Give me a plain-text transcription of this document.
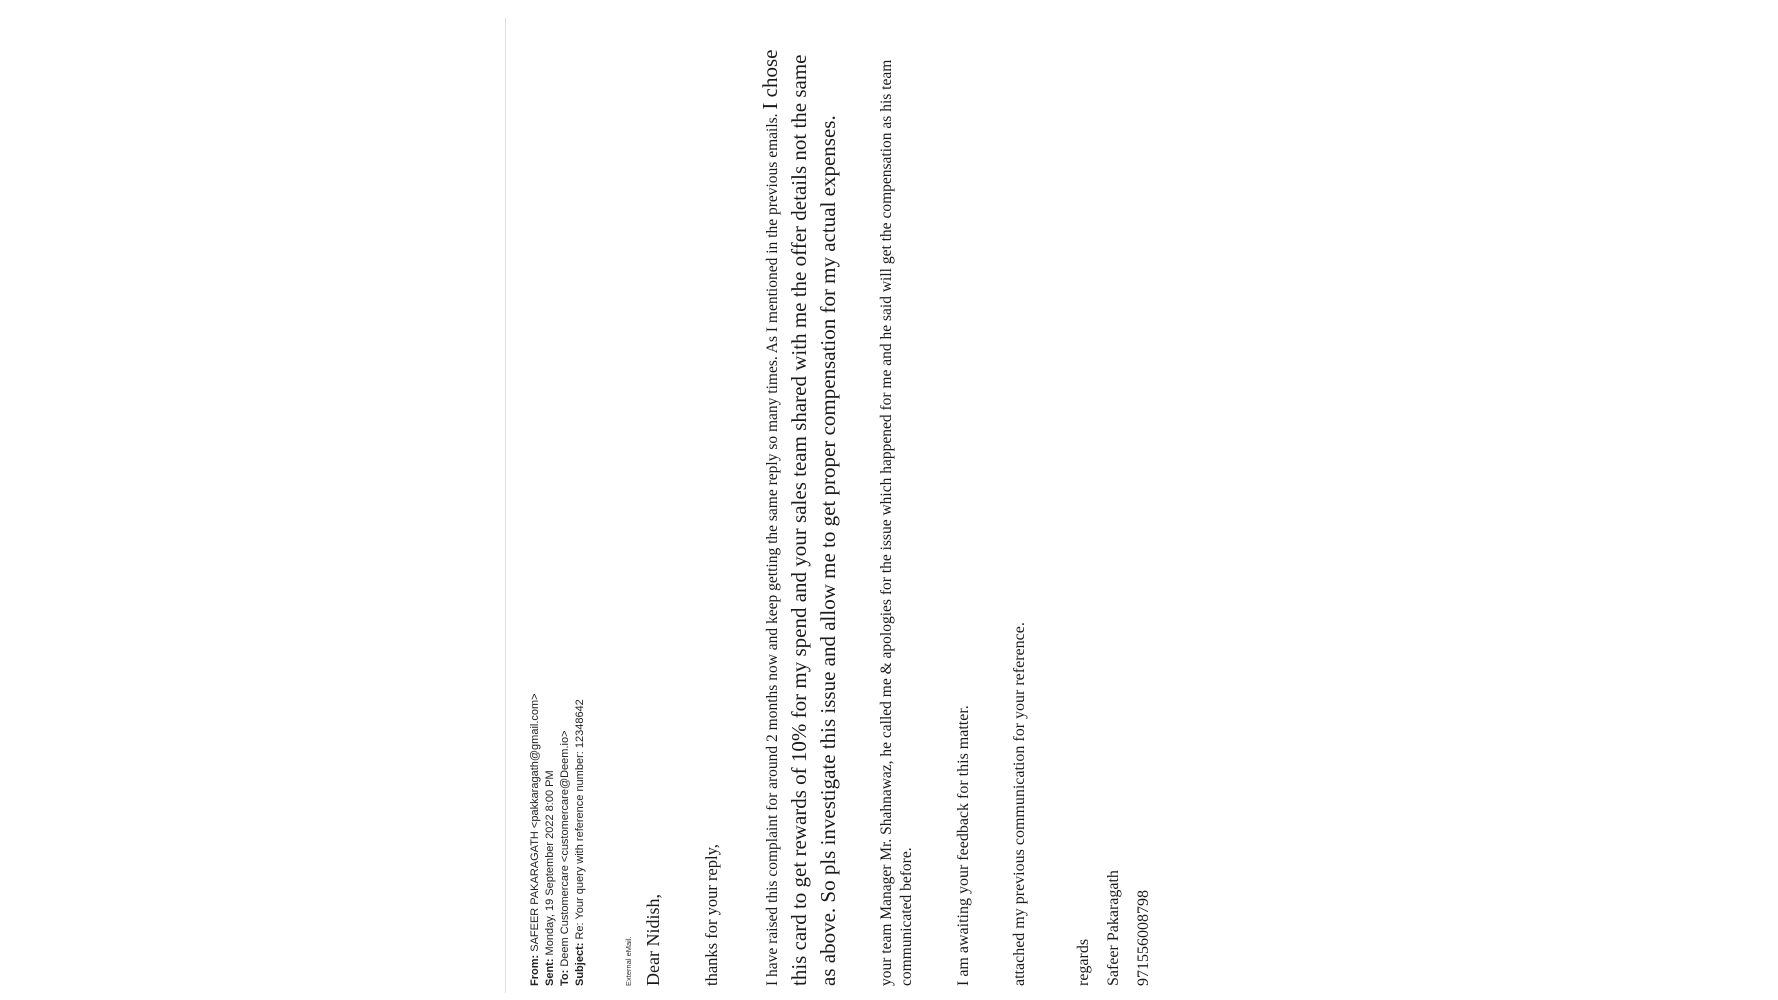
From: SAFEER PAKARAGATH <pakkaragath@gmail.com>
Sent: Monday, 19 September 2022 8:00 PM
To: Deem Customercare <customercare@Deem.io> Subject: Re: Your query with reference number: 12348642
External eMail. Dear Nidish, thanks for your reply,	I have raised this complaint for around 2 months now and keep getting the same reply so many times. As I mentioned in the previous emails. I chose this card to get rewards of 10% for my spend and your sales team shared with me the offer details not the same as above. So pls investigate this issue and allow me to get proper compensation for my actual expenses. your team Manager Mr. Shahnawaz, he called me & apologies for the issue which happened for me and he said will get the compensation as his team communicated before.	I am awaiting your feedback for this matter. attached my previous communication for your reference.	regards Safeer Pakaragath 971556008798
